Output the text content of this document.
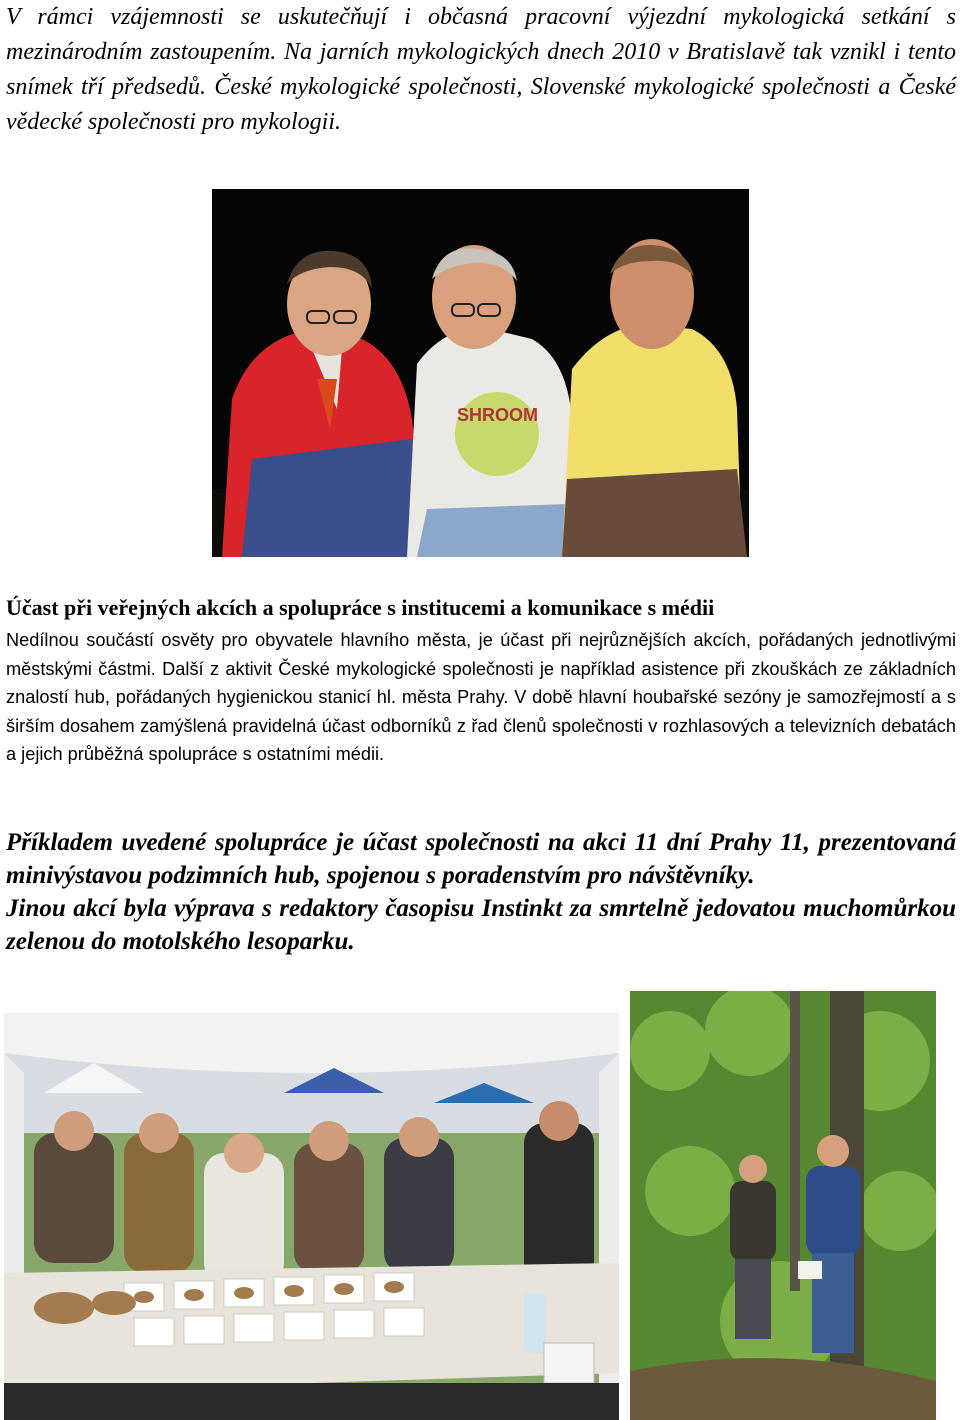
V rámci vzájemnosti se uskutečňují i občasná pracovní výjezdní mykologická setkání s mezinárodním zastoupením. Na jarních mykologických dnech 2010 v Bratislavě tak vznikl i tento snímek tří předsedů. České mykologické společnosti, Slovenské mykologické společnosti a České vědecké společnosti pro mykologii.
SHROOM
Účast při veřejných akcích a spolupráce s institucemi a komunikace s médii
Nedílnou součástí osvěty pro obyvatele hlavního města, je účast při nejrůznějších akcích, pořádaných jednotlivými městskými částmi. Další z aktivit České mykologické společnosti je například asistence při zkouškách ze základních znalostí hub, pořádaných hygienickou stanicí hl. města Prahy. V době hlavní houbařské sezóny je samozřejmostí a s širším dosahem zamýšlená pravidelná účast odborníků z řad členů společnosti v rozhlasových a televizních debatách a jejich průběžná spolupráce s ostatními médii.

Příkladem uvedené spolupráce je účast společnosti na akci 11 dní Prahy 11, prezentovaná minivýstavou podzimních hub, spojenou s poradenstvím pro návštěvníky.

Jinou akcí byla výprava s redaktory časopisu Instinkt za smrtelně jedovatou muchomůrkou zelenou do motolského lesoparku.
